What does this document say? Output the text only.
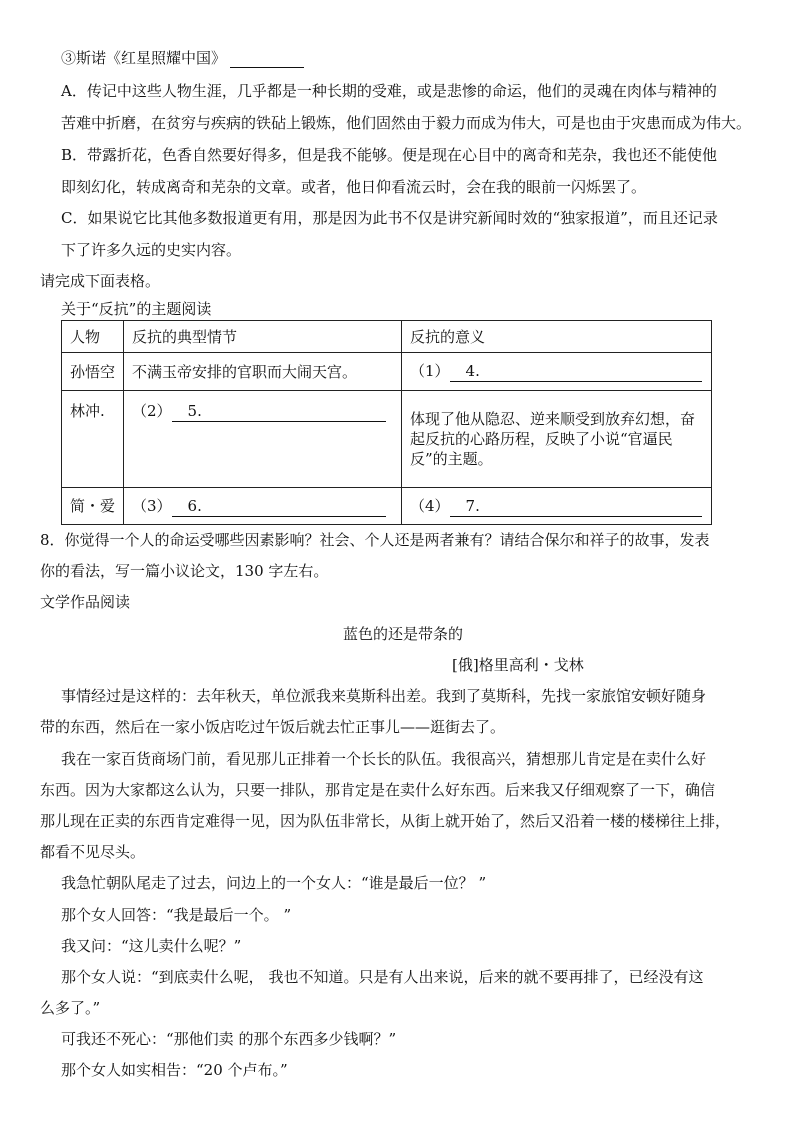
③斯诺《红星照耀中国》
A．传记中这些人物生涯，几乎都是一种长期的受难，或是悲惨的命运，他们的灵魂在肉体与精神的
苦难中折磨，在贫穷与疾病的铁砧上锻炼，他们固然由于毅力而成为伟大，可是也由于灾患而成为伟大。
B．带露折花，色香自然要好得多，但是我不能够。便是现在心目中的离奇和芜杂，我也还不能使他
即刻幻化，转成离奇和芜杂的文章。或者，他日仰看流云时，会在我的眼前一闪烁罢了。
C．如果说它比其他多数报道更有用，那是因为此书不仅是讲究新闻时效的“独家报道”，而且还记录
下了许多久远的史实内容。
请完成下面表格。
关于“反抗”的主题阅读
人物	反抗的典型情节	反抗的意义
孙悟空	不满玉帝安排的官职而大闹天宫。	（1） 4.
林冲.	（2） 5.	体现了他从隐忍、逆来顺受到放弃幻想，奋起反抗的心路历程，反映了小说“官逼民反”的主题。
简・爱	（3） 6.	（4） 7.
8．你觉得一个人的命运受哪些因素影响？社会、个人还是两者兼有？请结合保尔和祥子的故事，发表
你的看法，写一篇小议论文，130 字左右。
文学作品阅读
蓝色的还是带条的
[俄]格里高利・戈林
事情经过是这样的：去年秋天，单位派我来莫斯科出差。我到了莫斯科，先找一家旅馆安顿好随身
带的东西，然后在一家小饭店吃过午饭后就去忙正事儿——逛街去了。
我在一家百货商场门前，看见那儿正排着一个长长的队伍。我很高兴，猜想那儿肯定是在卖什么好
东西。因为大家都这么认为，只要一排队，那肯定是在卖什么好东西。后来我又仔细观察了一下，确信
那儿现在正卖的东西肯定难得一见，因为队伍非常长，从街上就开始了，然后又沿着一楼的楼梯往上排，
都看不见尽头。
我急忙朝队尾走了过去，问边上的一个女人：“谁是最后一位？ ”
那个女人回答：“我是最后一个。 ”
我又问：“这儿卖什么呢？”
那个女人说：“到底卖什么呢， 我也不知道。只是有人出来说，后来的就不要再排了，已经没有这
么多了。”
可我还不死心：“那他们卖 的那个东西多少钱啊？”
那个女人如实相告：“20 个卢布。”
